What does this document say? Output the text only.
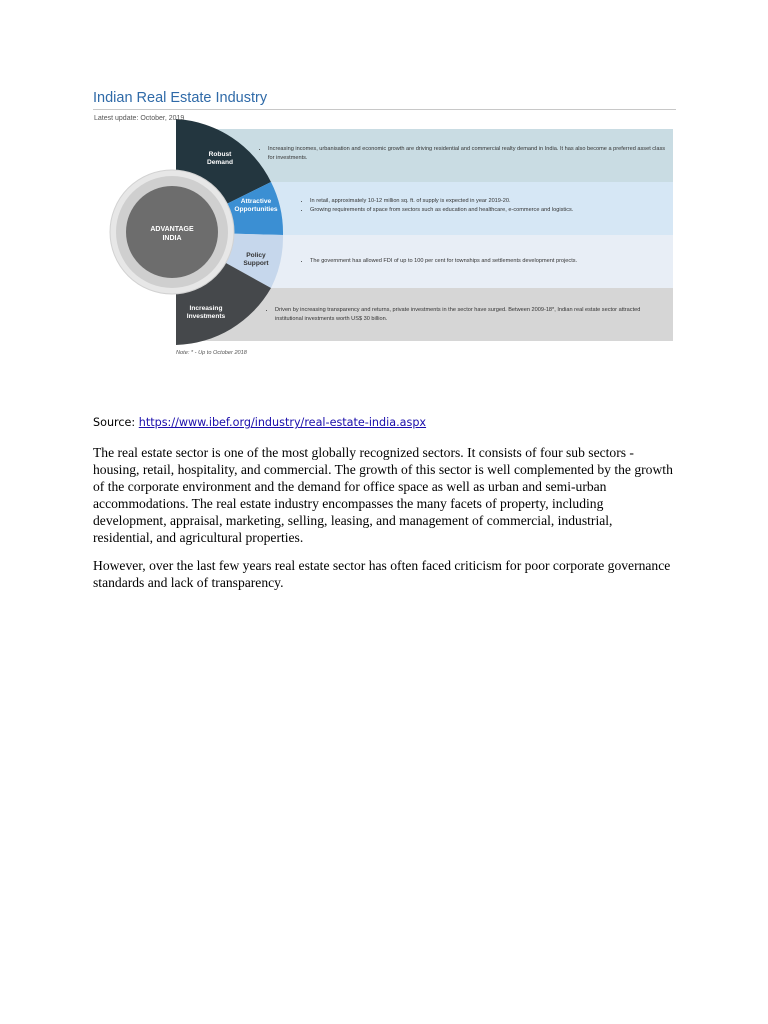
Indian Real Estate Industry
Latest update: October, 2019
ADVANTAGE INDIA
Robust Demand
Attractive Opportunities
Policy Support
Increasing Investments
• Increasing incomes, urbanisation and economic growth are driving residential and commercial realty demand in India. It has also become a preferred asset class for investments.
• In retail, approximately 10-12 million sq. ft. of supply is expected in year 2019-20.
• Growing requirements of space from sectors such as education and healthcare, e-commerce and logistics.
• The government has allowed FDI of up to 100 per cent for townships and settlements development projects.
• Driven by increasing transparency and returns, private investments in the sector have surged. Between 2009-18*, Indian real estate sector attracted institutional investments worth US$ 30 billion.
Note: * - Up to October 2018
Source: https://www.ibef.org/industry/real-estate-india.aspx

The real estate sector is one of the most globally recognized sectors. It consists of four sub sectors - housing, retail, hospitality, and commercial. The growth of this sector is well complemented by the growth of the corporate environment and the demand for office space as well as urban and semi-urban accommodations. The real estate industry encompasses the many facets of property, including development, appraisal, marketing, selling, leasing, and management of commercial, industrial, residential, and agricultural properties.

However, over the last few years real estate sector has often faced criticism for poor corporate governance standards and lack of transparency.
